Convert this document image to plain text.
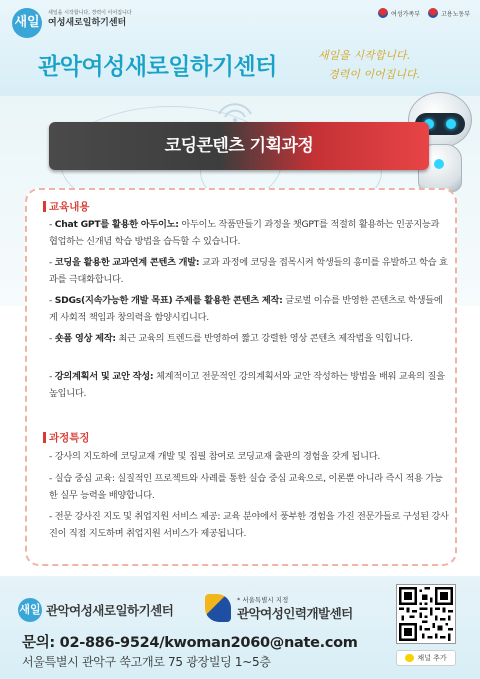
새일
새일을 시작합니다, 경력이 이어집니다
여성새로일하기센터
여성가족부	고용노동부
관악여성새로일하기센터	새일을 시작합니다.
경력이 이어집니다.
코딩콘텐츠 기획과정
교육내용
- Chat GPT를 활용한 아두이노: 아두이노 작품만들기 과정을 챗GPT를 적절히 활용하는 인공지능과 협업하는 신개념 학습 방법을 습득할 수 있습니다.
- 코딩을 활용한 교과연계 콘텐츠 개발: 교과 과정에 코딩을 접목시켜 학생들의 흥미를 유발하고 학습 효과를 극대화합니다.
- SDGs(지속가능한 개발 목표) 주제를 활용한 콘텐츠 제작: 글로벌 이슈를 반영한 콘텐츠로 학생들에게 사회적 책임과 창의력을 함양시킵니다.
- 숏폼 영상 제작: 최근 교육의 트렌드를 반영하여 짧고 강렬한 영상 콘텐츠 제작법을 익힙니다.
- 강의계획서 및 교안 작성: 체계적이고 전문적인 강의계획서와 교안 작성하는 방법을 배워 교육의 질을 높입니다.
과정특징
- 강사의 지도하에 코딩교재 개발 및 집필 참여로 코딩교재 출판의 경험을 갖게 됩니다.
- 실습 중심 교육: 실질적인 프로젝트와 사례를 통한 실습 중심 교육으로, 이론뿐 아니라 즉시 적용 가능한 실무 능력을 배양합니다.
- 전문 강사진 지도 및 취업지원 서비스 제공: 교육 분야에서 풍부한 경험을 가진 전문가들로 구성된 강사진이 직접 지도하며 취업지원 서비스가 제공됩니다.
새일 관악여성새로일하기센터
* 서울특별시 지정
관악여성인력개발센터
문의: 02-886-9524/kwoman2060@nate.com
서울특별시 관악구 쑥고개로 75 광장빌딩 1~5층	채널 추가
